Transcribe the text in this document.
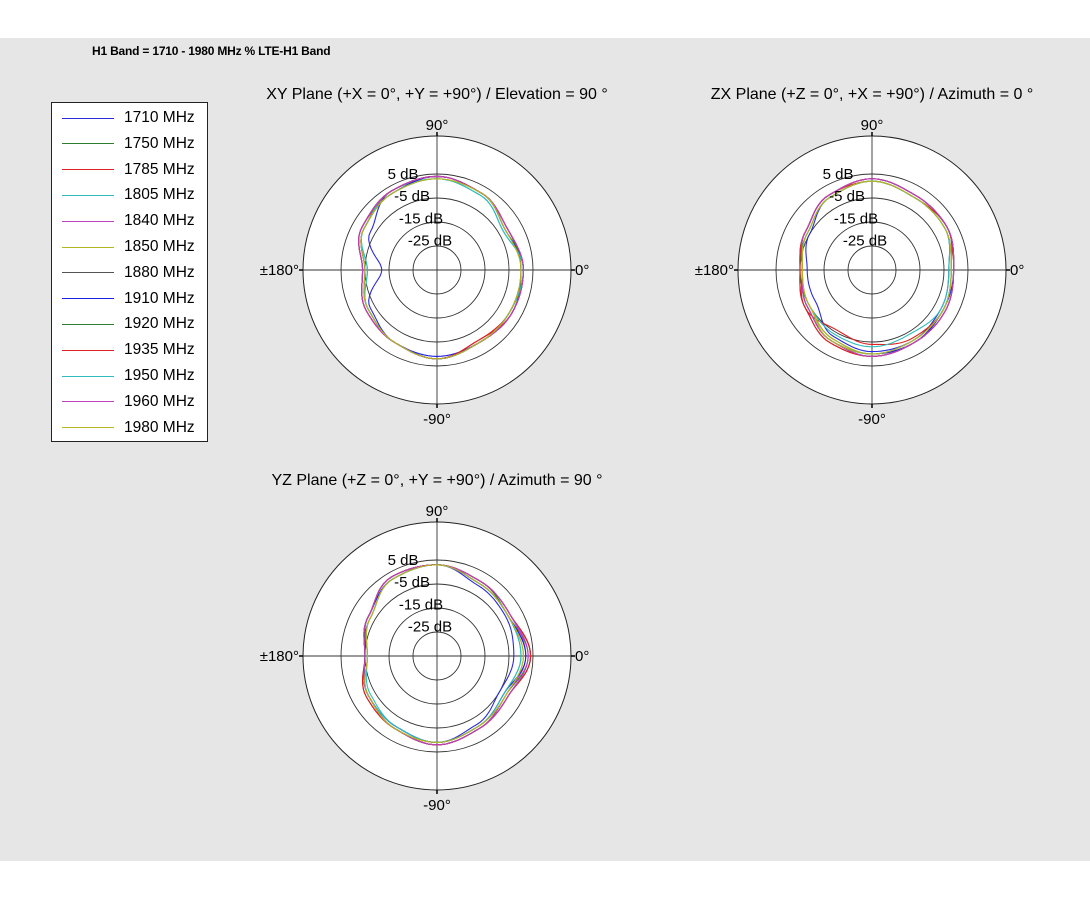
H1 Band = 1710 - 1980 MHz % LTE-H1 Band
1710 MHz
1750 MHz
1785 MHz
1805 MHz
1840 MHz
1850 MHz
1880 MHz
1910 MHz
1920 MHz
1935 MHz
1950 MHz
1960 MHz
1980 MHz
XY Plane (+X = 0°, +Y = +90°) / Elevation = 90 °	ZX Plane (+Z = 0°, +X = +90°) / Azimuth = 0 °
YZ Plane (+Z = 0°, +Y = +90°) / Azimuth = 90 °
90°
-90°
±180°	0°
5 dB
-5 dB
-15 dB
-25 dB
90°
-90°
±180°	0°
5 dB
-5 dB
-15 dB
-25 dB
90°
-90°
±180°	0°
5 dB
-5 dB
-15 dB
-25 dB
